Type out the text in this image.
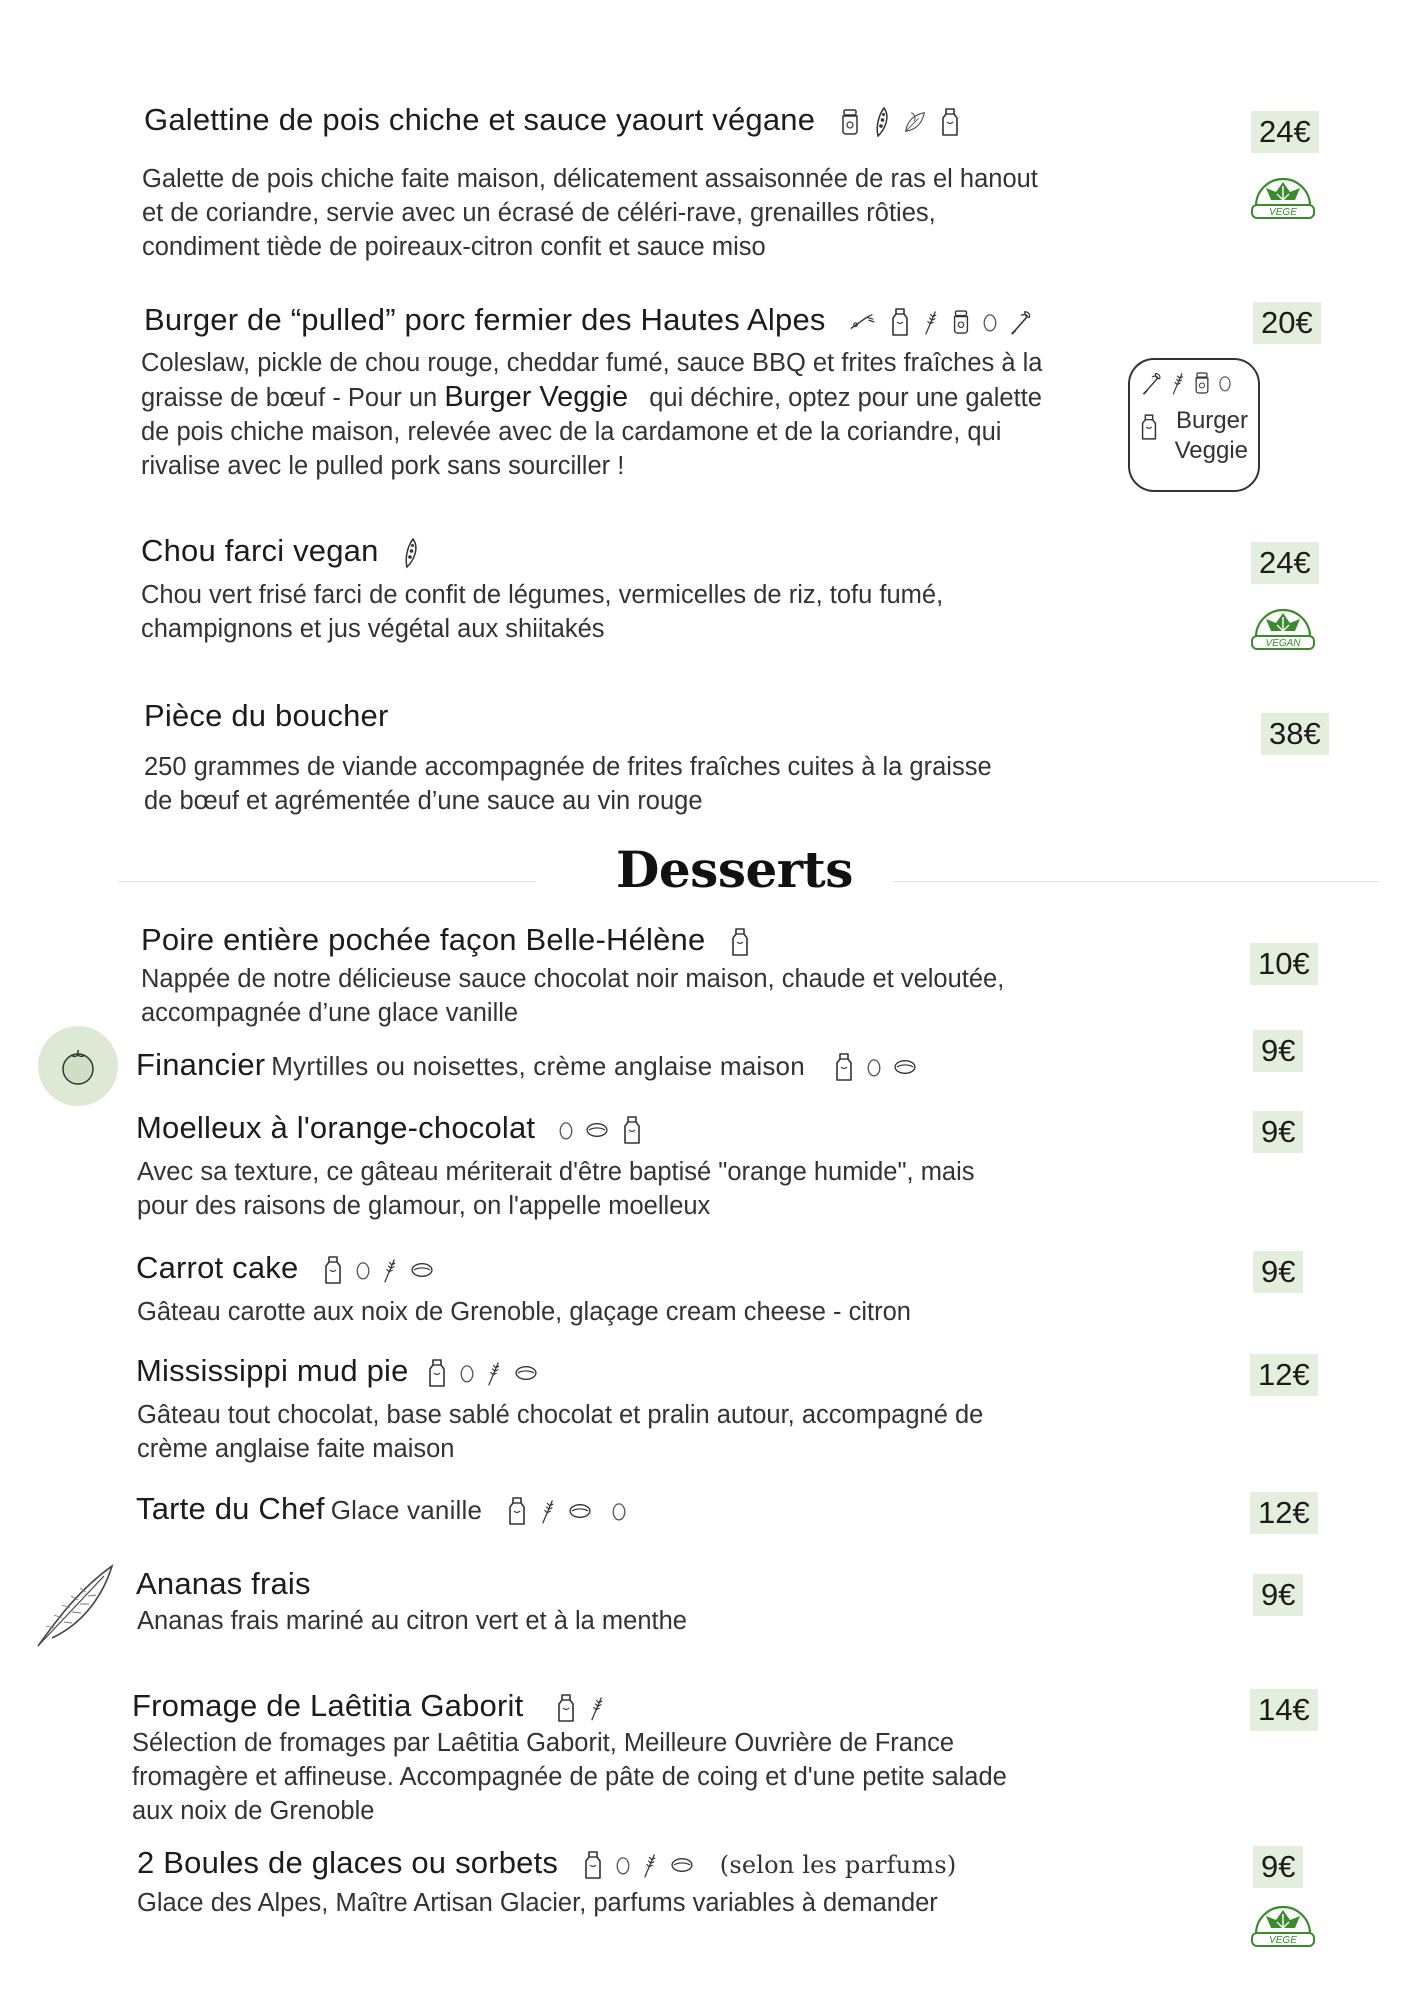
Galettine de pois chiche et sauce yaourt végane
Galette de pois chiche faite maison, délicatement assaisonnée de ras el hanout
et de coriandre, servie avec un écrasé de céléri-rave, grenailles rôties,
condiment tiède de poireaux-citron confit et sauce miso
24€
VEGE
Burger de “pulled” porc fermier des Hautes Alpes
Coleslaw, pickle de chou rouge, cheddar fumé, sauce BBQ et frites fraîches à la
graisse de bœuf - Pour un Burger Veggie qui déchire, optez pour une galette
de pois chiche maison, relevée avec de la cardamone et de la coriandre, qui
rivalise avec le pulled pork sans sourciller !
20€
Burger
Veggie
Chou farci vegan
Chou vert frisé farci de confit de légumes, vermicelles de riz, tofu fumé,
champignons et jus végétal aux shiitakés
24€
VEGAN
Pièce du boucher
250 grammes de viande accompagnée de frites fraîches cuites à la graisse
de bœuf et agrémentée d’une sauce au vin rouge
38€
Desserts
Poire entière pochée façon Belle-Hélène
Nappée de notre délicieuse sauce chocolat noir maison, chaude et veloutée,
accompagnée d’une glace vanille
10€
Financier Myrtilles ou noisettes, crème anglaise maison	9€
Moelleux à l'orange-chocolat
Avec sa texture, ce gâteau mériterait d'être baptisé "orange humide", mais
pour des raisons de glamour, on l'appelle moelleux
9€
Carrot cake
Gâteau carotte aux noix de Grenoble, glaçage cream cheese - citron
9€
Mississippi mud pie
Gâteau tout chocolat, base sablé chocolat et pralin autour, accompagné de
crème anglaise faite maison
12€
Tarte du Chef Glace vanille	12€
Ananas frais
Ananas frais mariné au citron vert et à la menthe
9€
Fromage de Laêtitia Gaborit
Sélection de fromages par Laêtitia Gaborit, Meilleure Ouvrière de France
fromagère et affineuse. Accompagnée de pâte de coing et d'une petite salade
aux noix de Grenoble
14€
2 Boules de glaces ou sorbets	(selon les parfums)
Glace des Alpes, Maître Artisan Glacier, parfums variables à demander
9€
VEGE
